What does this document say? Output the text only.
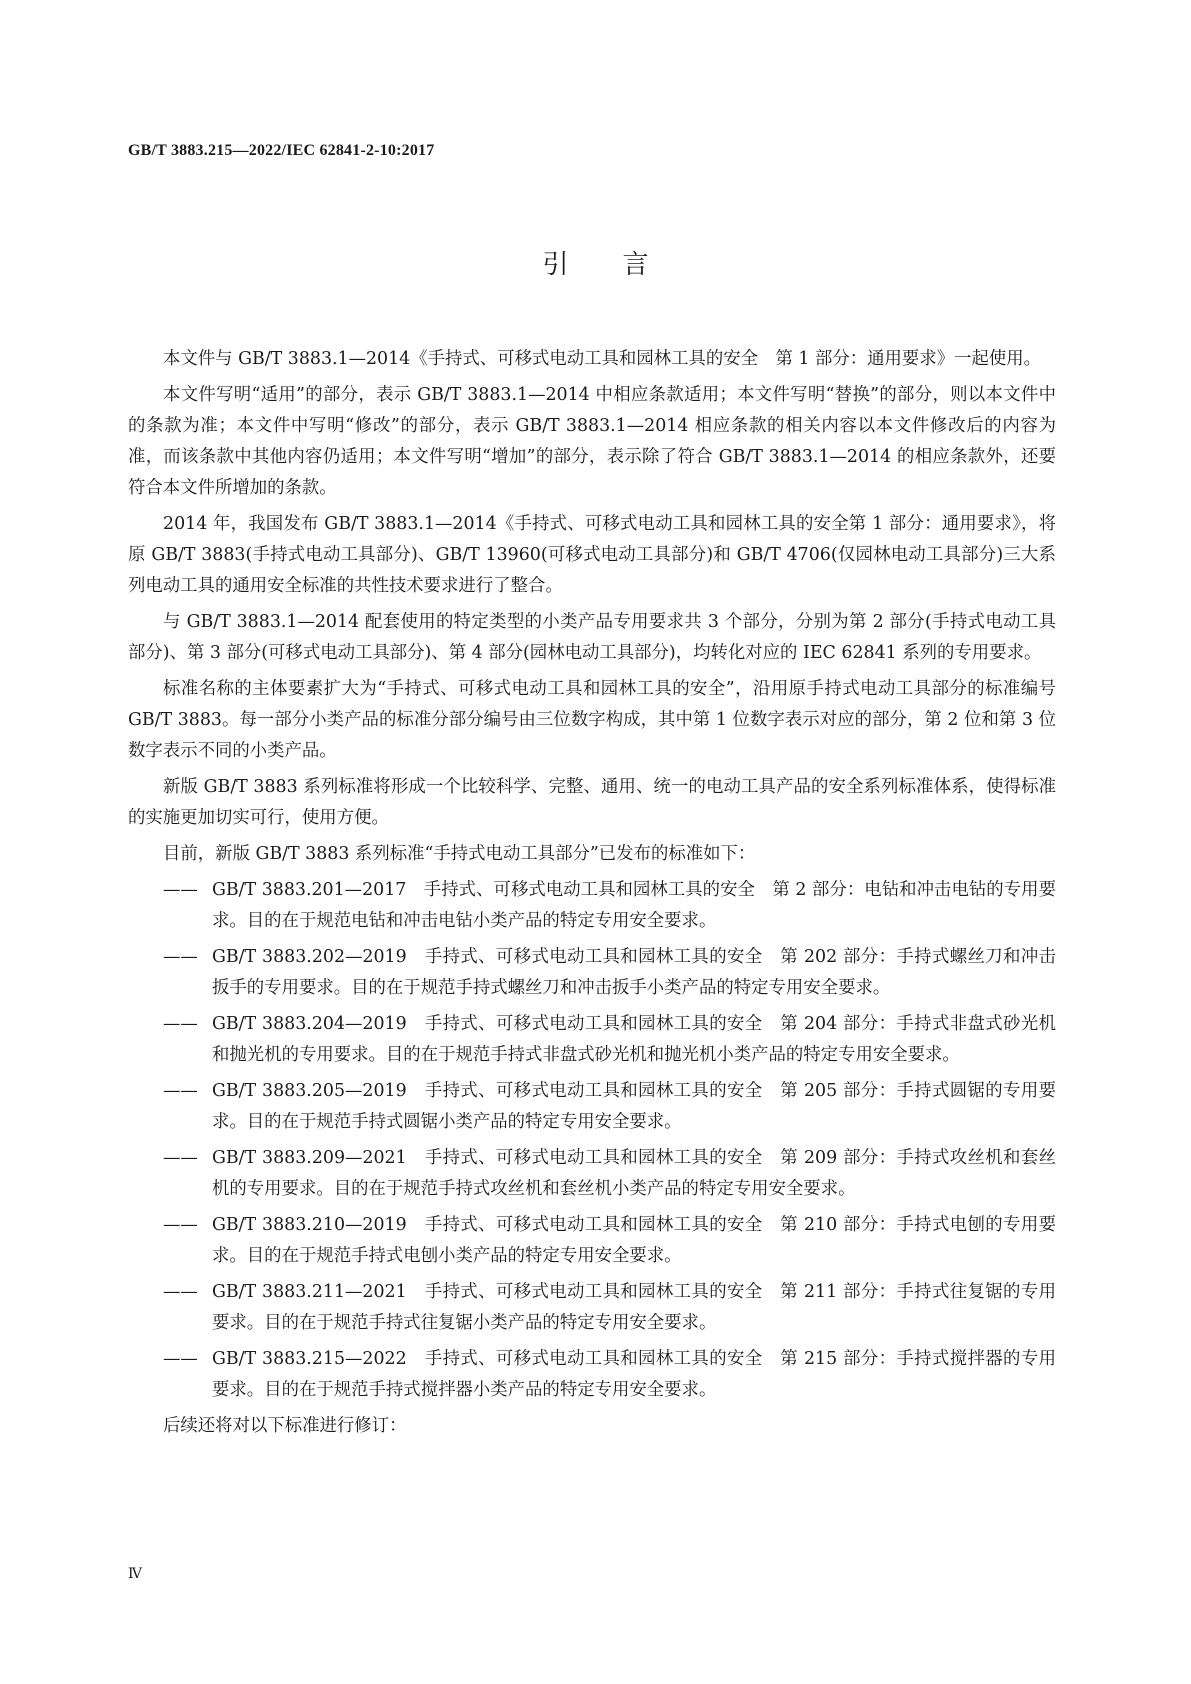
GB/T 3883.215—2022/IEC 62841-2-10:2017
引言

本文件与 GB/T 3883.1—2014《手持式、可移式电动工具和园林工具的安全　第 1 部分：通用要求》一起使用。

本文件写明“适用”的部分，表示 GB/T 3883.1—2014 中相应条款适用；本文件写明“替换”的部分，则以本文件中的条款为准；本文件中写明“修改”的部分，表示 GB/T 3883.1—2014 相应条款的相关内容以本文件修改后的内容为准，而该条款中其他内容仍适用；本文件写明“增加”的部分，表示除了符合 GB/T 3883.1—2014 的相应条款外，还要符合本文件所增加的条款。

2014 年，我国发布 GB/T 3883.1—2014《手持式、可移式电动工具和园林工具的安全第 1 部分：通用要求》，将原 GB/T 3883(手持式电动工具部分)、GB/T 13960(可移式电动工具部分)和 GB/T 4706(仅园林电动工具部分)三大系列电动工具的通用安全标准的共性技术要求进行了整合。

与 GB/T 3883.1—2014 配套使用的特定类型的小类产品专用要求共 3 个部分，分别为第 2 部分(手持式电动工具部分)、第 3 部分(可移式电动工具部分)、第 4 部分(园林电动工具部分)，均转化对应的 IEC 62841 系列的专用要求。

标准名称的主体要素扩大为“手持式、可移式电动工具和园林工具的安全”，沿用原手持式电动工具部分的标准编号 GB/T 3883。每一部分小类产品的标准分部分编号由三位数字构成，其中第 1 位数字表示对应的部分，第 2 位和第 3 位数字表示不同的小类产品。

新版 GB/T 3883 系列标准将形成一个比较科学、完整、通用、统一的电动工具产品的安全系列标准体系，使得标准的实施更加切实可行，使用方便。

目前，新版 GB/T 3883 系列标准“手持式电动工具部分”已发布的标准如下：

—— GB/T 3883.201—2017　手持式、可移式电动工具和园林工具的安全　第 2 部分：电钻和冲击电钻的专用要求。目的在于规范电钻和冲击电钻小类产品的特定专用安全要求。
—— GB/T 3883.202—2019　手持式、可移式电动工具和园林工具的安全　第 202 部分：手持式螺丝刀和冲击扳手的专用要求。目的在于规范手持式螺丝刀和冲击扳手小类产品的特定专用安全要求。
—— GB/T 3883.204—2019　手持式、可移式电动工具和园林工具的安全　第 204 部分：手持式非盘式砂光机和抛光机的专用要求。目的在于规范手持式非盘式砂光机和抛光机小类产品的特定专用安全要求。
—— GB/T 3883.205—2019　手持式、可移式电动工具和园林工具的安全　第 205 部分：手持式圆锯的专用要求。目的在于规范手持式圆锯小类产品的特定专用安全要求。
—— GB/T 3883.209—2021　手持式、可移式电动工具和园林工具的安全　第 209 部分：手持式攻丝机和套丝机的专用要求。目的在于规范手持式攻丝机和套丝机小类产品的特定专用安全要求。
—— GB/T 3883.210—2019　手持式、可移式电动工具和园林工具的安全　第 210 部分：手持式电刨的专用要求。目的在于规范手持式电刨小类产品的特定专用安全要求。
—— GB/T 3883.211—2021　手持式、可移式电动工具和园林工具的安全　第 211 部分：手持式往复锯的专用要求。目的在于规范手持式往复锯小类产品的特定专用安全要求。
—— GB/T 3883.215—2022　手持式、可移式电动工具和园林工具的安全　第 215 部分：手持式搅拌器的专用要求。目的在于规范手持式搅拌器小类产品的特定专用安全要求。

后续还将对以下标准进行修订：

Ⅳ
